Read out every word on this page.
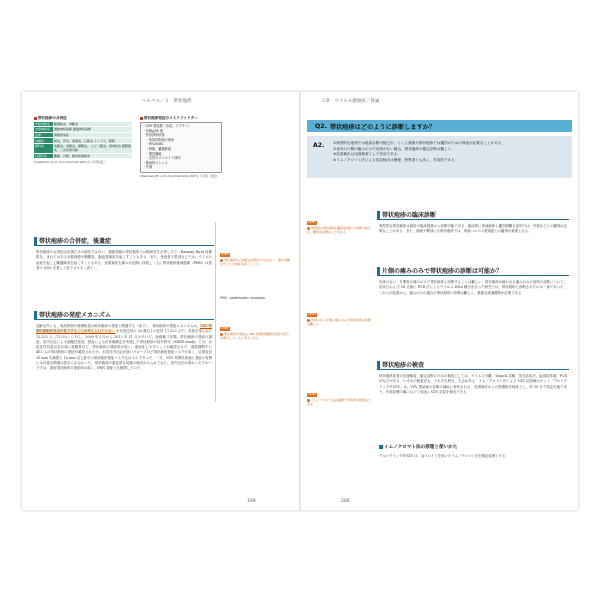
ヘルペス／３　帯状疱疹
帯状疱疹の合併症
中枢神経系	髄膜脳炎，脊髄炎
末梢神経系	運動神経麻痺 顔面神経麻痺
皮膚	細菌感染症
内臓系	肺炎，肝炎，食道炎，心筋炎 イレウス，膀胱
眼科系	角膜炎，角膜炎，網膜炎， ぶどう膜炎，視神経炎 網膜壊死，二次性緑内障
耳鼻科系	難聴，耳鳴，膝神経痛障害
(Cvjetkovic et al.: Clin Infect Dis 2007より引用改変)
帯状疱疹発症のリスクファクター
・VZV 感染歴（水痘，ワクチン）
・年齢≧50 歳
・免疫抑制状態
　・免疫抑制剤の使用
　・HIV/AIDS
　・移植，臓器移植
　・悪性腫瘍
　・自然のステロイド使用
・精神的ストレス
・外傷
(Weinberg JM: J Am Acad Dermatol 2007より引用，改変)
帯状疱疹の合併症，後遺症
帯状疱疹の合併症は皮膚だけの病変ではない．顔面領域の帯状疱疹では眼病変を合併したり（Ramsay Hunt 症候群を，まれではあるが脳神経や髄膜炎，脳血管障害を起こすこともある．また，免疫低下患者などでは，ウイルス血症を起こし臓器障害を起こすこともある．皮膚病変も痛みが長期に持続し（主に帯状疱疹後神経痛（PHN）は患者の QOL を著しく低下させる（表１）．
帯状疱疹の発症メカニズム
加齢以外にも，免疫抑制や基礎疾患は帯状疱疹の発症と関連する（表２）．帯状疱疹の発症メカニズムは，VZV 特異的細胞性免疫が低下することが考えられている． 小豆島住民の 50 歳以上の住民 17,323 人中，同意を得られた 12,522 人（72.3％）に対し，2009 年４月から 2012 年 11 月のあいだ，登録後３年間，帯状疱疹の発症の調査，皮内反応による細胞性免疫，採血による抗体価測定を実施した帯状疱疹の疫学研究（SHEZ study）では，水痘皮内抗原反応が弱い被験者ほど，帯状疱疹の発症率が高く，重症化しやすいことが確認された．調査期間中に 401 人の帯状疱疹の発症が確認されたが，水痘皮内反応が陰いグループほど帯状疱疹発症リスクが高く，紅斑直径 10 mm 未満群と 10 mm 以上群での帯状疱疹発症リスク比は 3.2 であった．一方，VZV 特異抗体価と発症の有無には有意な関連は認められなかった．帯状疱疹の重症度も同様の傾向がみられており，皮内反応が弱かったグループでは，重症帯状疱疹の発症率が高く，PHN 発症とも相関していた．
POINT
帯状疱疹の合併症は皮膚だけではなく，眼や内臓などにも合併症を起こしうる
PHN：postherpetic neuralgia
POINT
帯状疱疹の発症は VZV 特異的細胞性免疫の低下が関与していると考えられる
199
３章　ウイルス感染症／各論
Q2. 帯状疱疹はどのように診断しますか？
A2. ①典型的な症例では臨床診断可能だが，とくに顔面や帯状疱疹では鑑別のための検査が必要なことがある．
②身体の片側の痛みのみで皮疹がない場合，帯状疱疹の確定診断は難しい．
③抗原検出は迅速検査として有用である．
④イムノクロマト法による抗原検出は簡便，特異度とも高く，実用的である．
POINT
典型的な帯状疱疹は臨床経過から診断可能だが，鑑別が必要なことがある
POINT
皮疹のない片側の痛みのみで帯状疱疹の診断は難しい
POINT
イムノクロマト法は簡便で実用的な検査法である
帯状疱疹の臨床診断
典型的な帯状疱疹は視診や臨床経過から診断可能である．臨床的に単純疱疹と鑑別困難な症例では，丹毒などとの鑑別が必要なことがある．また，顔面や臀部にも帯状疱疹では，単純ヘルペス感染症との鑑別が重要となる．
片側の痛みのみで帯状疱疹の診断は可能か？
皮疹のない，片側性の痛みのみで帯状疱疹と診断することは難しい．帯状疱疹が疑われる痛みのみの症例の診断について，初診日および 28 日後に PCR 法によるウイルス DNA 検出を行った研究では，帯状疱疹と診断されたのは一部であった．これらの結果から，痛みのみの場合の帯状疱疹の診断は難しく，慎重な経過観察が必要である．
帯状疱疹の検査
帯状疱疹患者の迅速検査，確定診断のための検査としては，ウイルス分離，Tzanck 試験，蛍光抗体法，血清抗体価，PCR 法などがある．いずれの検査法も，それぞれ利点，欠点がある．イムノクロマト法による VZV 抗原検出キット「デルマクイック®VZV」は，VZV 感染症の診断の補助に使用される．皮膚病変からの擦過物を検体とし，約 10 分で判定可能であり，外来診療の場において迅速に VZV 抗原を検出できる．
イムノクロマト法の原理と使いかた
デルマクイック®VZV は，金コロイドを用いたイムノクロマト法を測定原理とする．
200
